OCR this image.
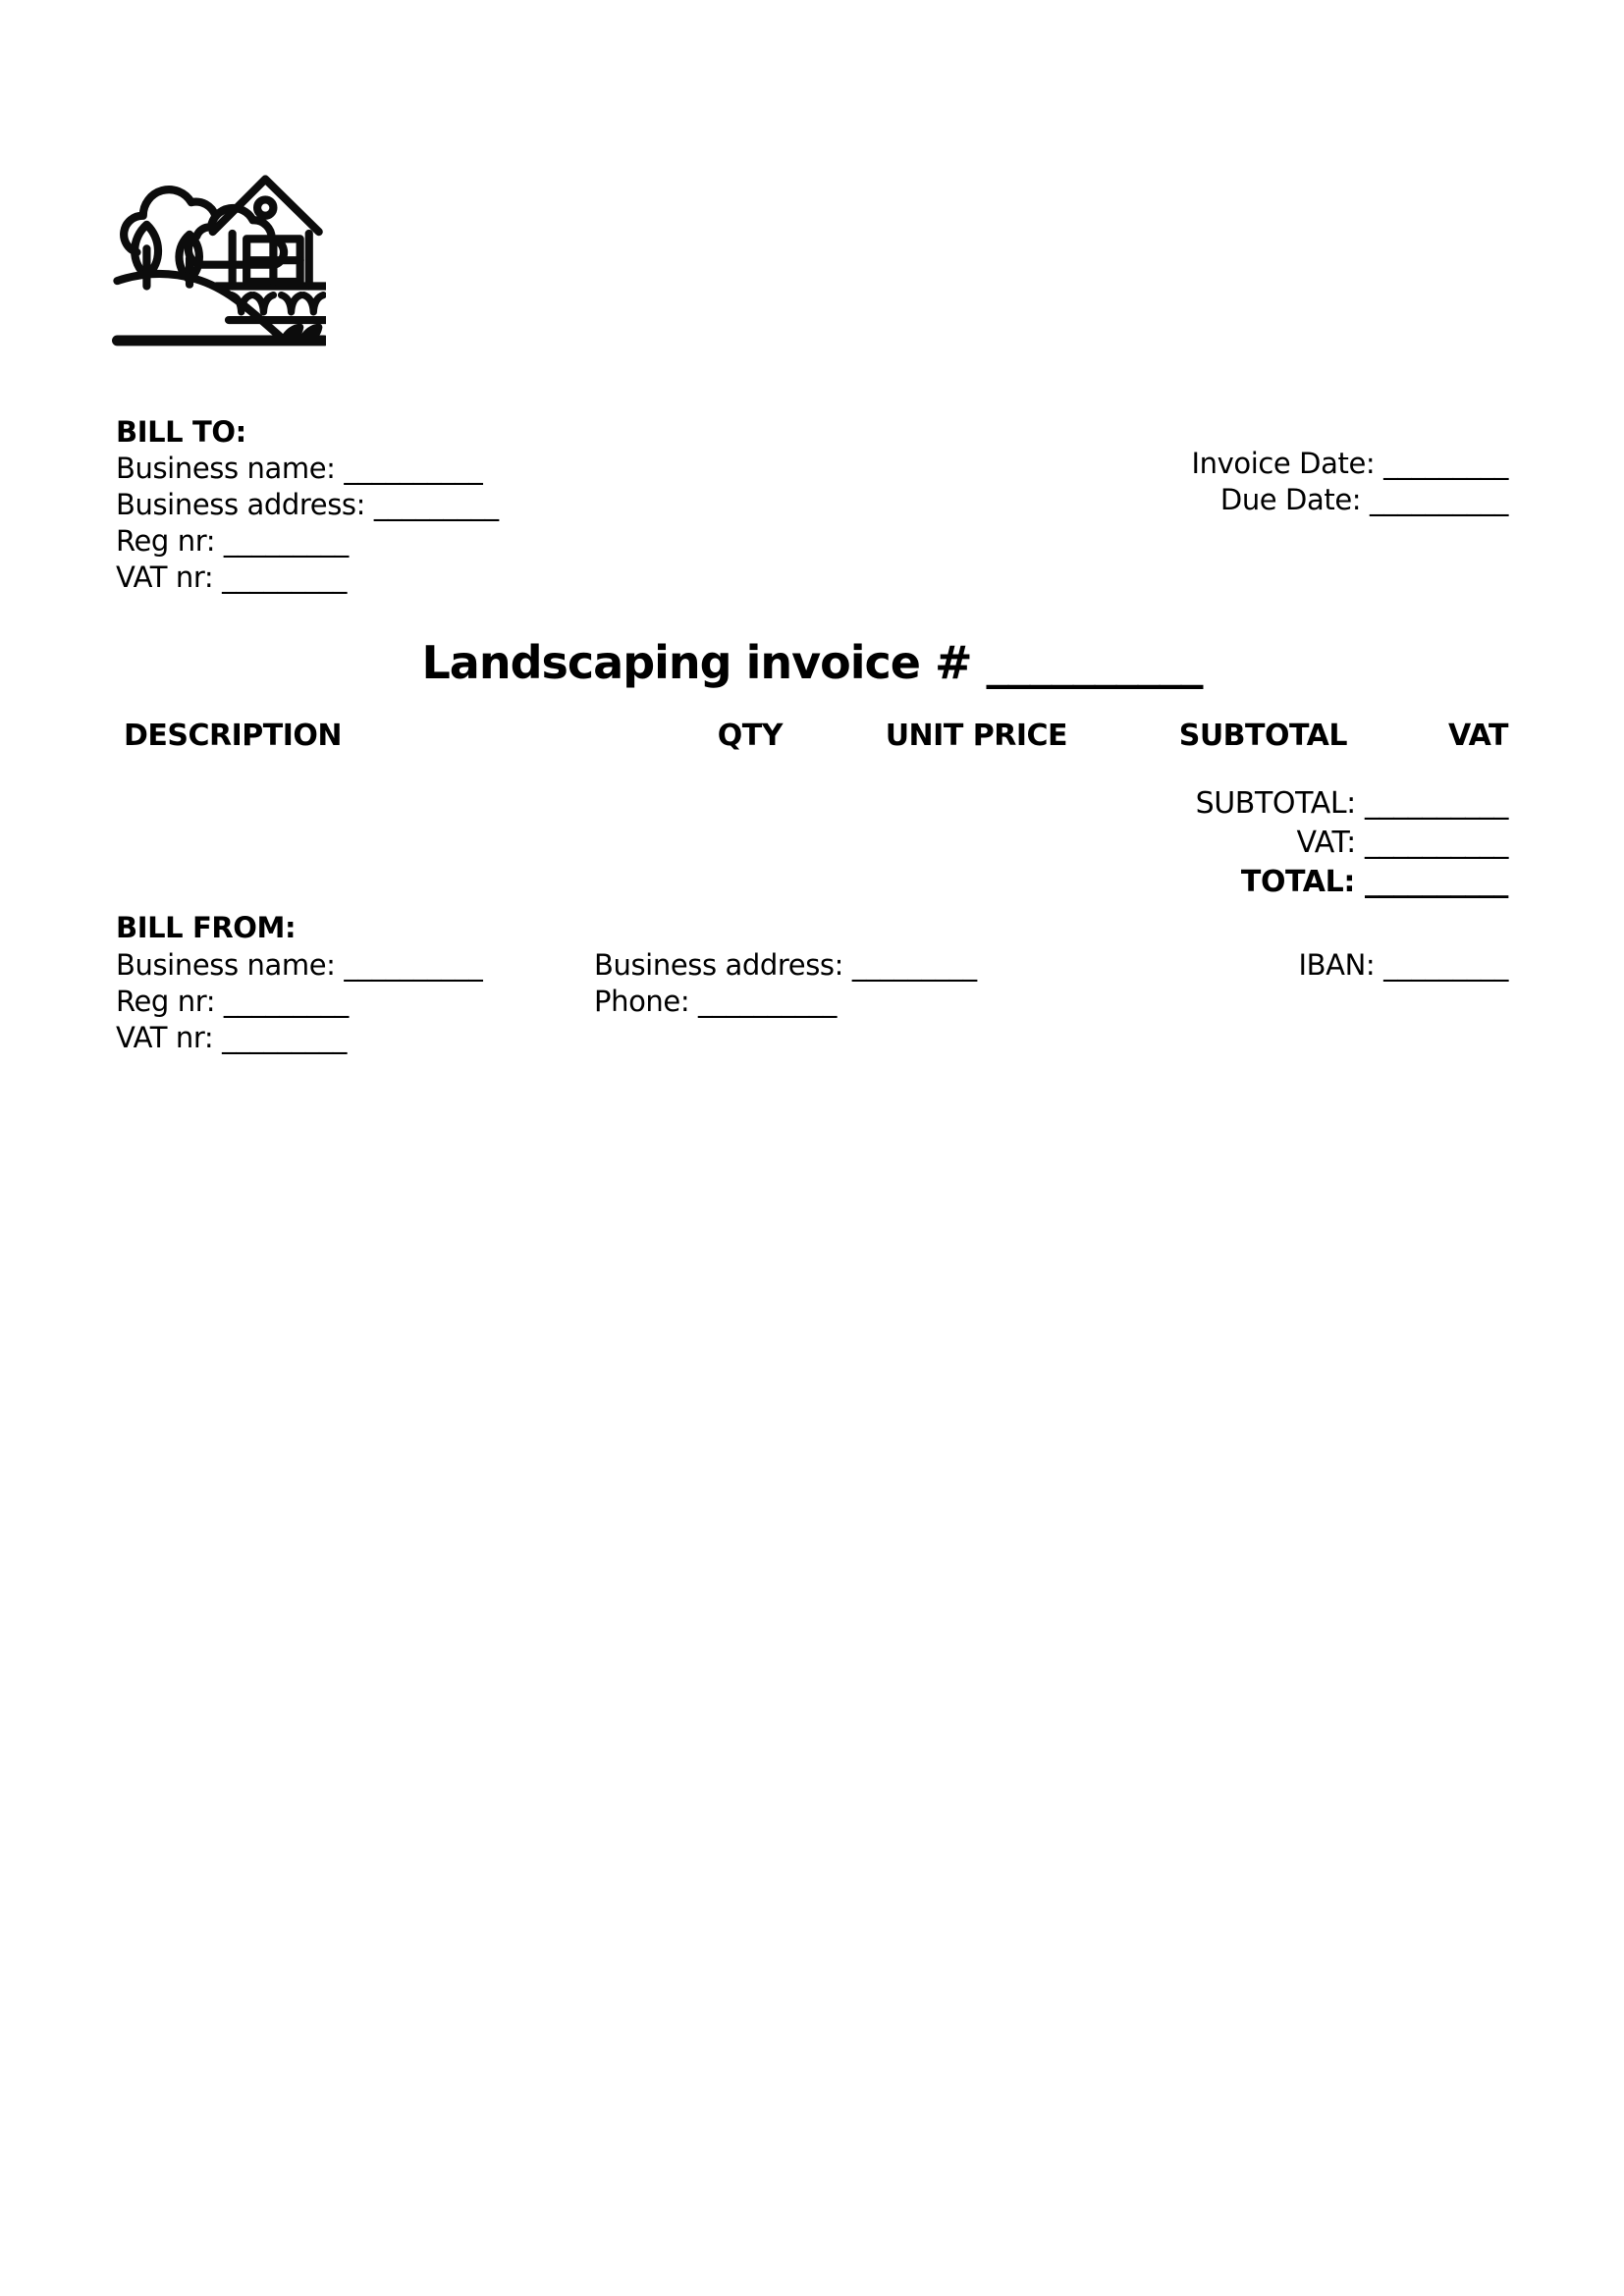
BILL TO:
Business name: __________
Business address: _________
Reg nr: _________
VAT nr: _________
Invoice Date: _________
Due Date: __________
Landscaping invoice # __________
DESCRIPTION	QTY	UNIT PRICE	SUBTOTAL	VAT
SUBTOTAL: __________
VAT: __________
TOTAL: __________
BILL FROM:
Business name: __________
Reg nr: _________
VAT nr: _________
Business address: _________
Phone: __________
IBAN: _________
